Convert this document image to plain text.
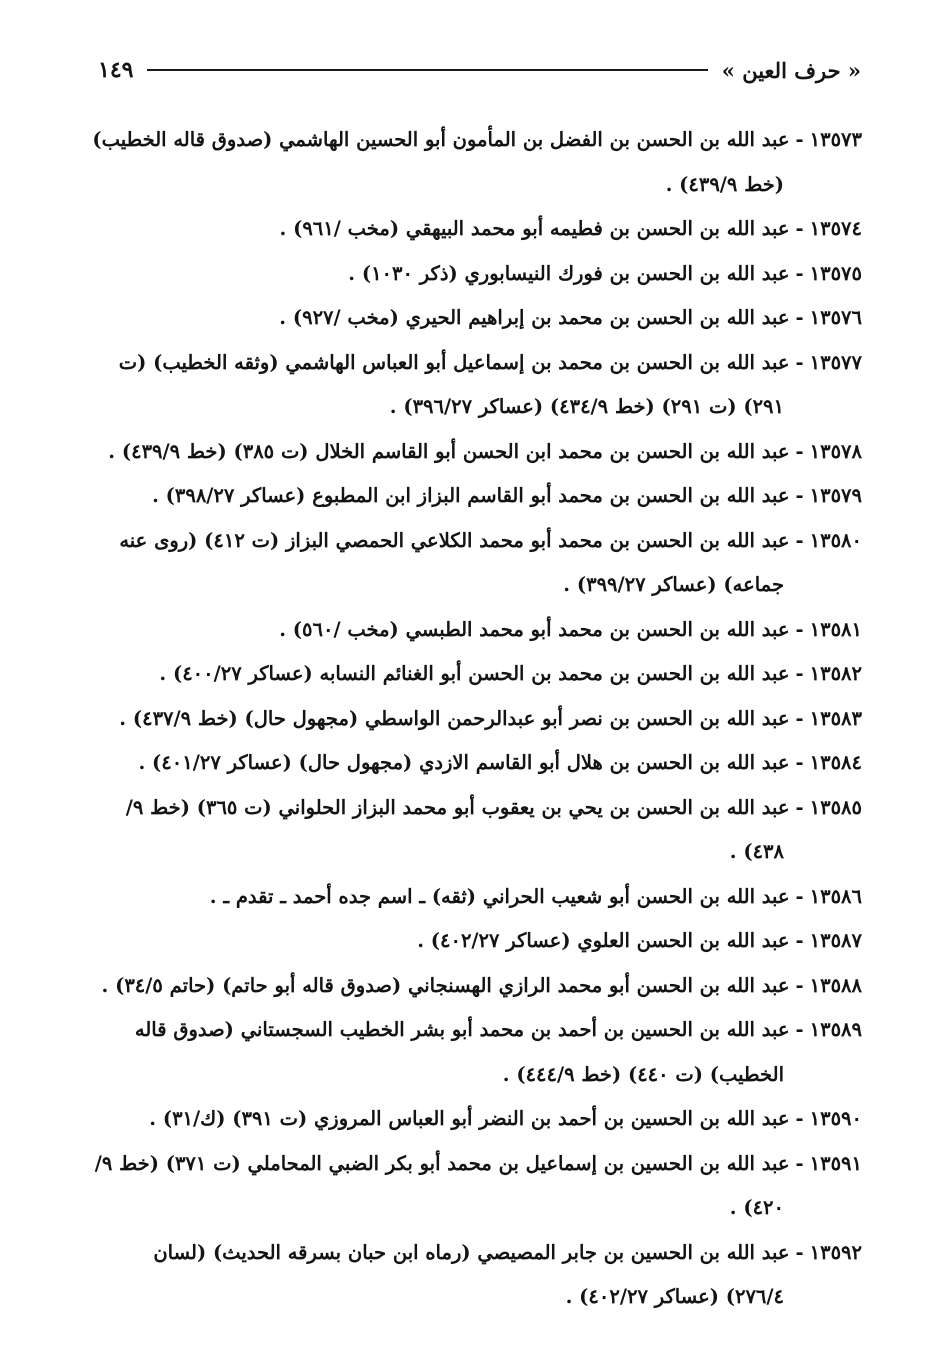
« حرف العين »
١٤٩

١٣٥٧٣-عبد الله بن الحسن بن الفضل بن المأمون أبو الحسين الهاشمي (صدوق قاله الخطيب) (خط ٤٣٩/٩) .

١٣٥٧٤-عبد الله بن الحسن بن فطيمه أبو محمد البيهقي (مخب /٩٦١) .

١٣٥٧٥-عبد الله بن الحسن بن فورك النيسابوري (ذكر ١٠٣٠) .

١٣٥٧٦-عبد الله بن الحسن بن محمد بن إبراهيم الحيري (مخب /٩٢٧) .

١٣٥٧٧-عبد الله بن الحسن بن محمد بن إسماعيل أبو العباس الهاشمي (وثقه الخطيب) (ت ٢٩١) (ت ٢٩١) (خط ٤٣٤/٩) (عساكر ٣٩٦/٢٧) .

١٣٥٧٨-عبد الله بن الحسن بن محمد ابن الحسن أبو القاسم الخلال (ت ٣٨٥) (خط ٤٣٩/٩) .

١٣٥٧٩-عبد الله بن الحسن بن محمد أبو القاسم البزاز ابن المطبوع (عساكر ٣٩٨/٢٧) .

١٣٥٨٠-عبد الله بن الحسن بن محمد أبو محمد الكلاعي الحمصي البزاز (ت ٤١٢) (روى عنه جماعه) (عساكر ٣٩٩/٢٧) .

١٣٥٨١-عبد الله بن الحسن بن محمد أبو محمد الطبسي (مخب /٥٦٠) .

١٣٥٨٢-عبد الله بن الحسن بن محمد بن الحسن أبو الغنائم النسابه (عساكر ٤٠٠/٢٧) .

١٣٥٨٣-عبد الله بن الحسن بن نصر أبو عبدالرحمن الواسطي (مجهول حال) (خط ٤٣٧/٩) .

١٣٥٨٤-عبد الله بن الحسن بن هلال أبو القاسم الازدي (مجهول حال) (عساكر ٤٠١/٢٧) .

١٣٥٨٥-عبد الله بن الحسن بن يحي بن يعقوب أبو محمد البزاز الحلواني (ت ٣٦٥) (خط ٩/ ٤٣٨) .

١٣٥٨٦-عبد الله بن الحسن أبو شعيب الحراني (ثقه) ـ اسم جده أحمد ـ تقدم ـ .

١٣٥٨٧-عبد الله بن الحسن العلوي (عساكر ٤٠٢/٢٧) .

١٣٥٨٨-عبد الله بن الحسن أبو محمد الرازي الهسنجاني (صدوق قاله أبو حاتم) (حاتم ٣٤/٥) .

١٣٥٨٩-عبد الله بن الحسين بن أحمد بن محمد أبو بشر الخطيب السجستاني (صدوق قاله الخطيب) (ت ٤٤٠) (خط ٤٤٤/٩) .

١٣٥٩٠-عبد الله بن الحسين بن أحمد بن النضر أبو العباس المروزي (ت ٣٩١) (ك/٣١) .

١٣٥٩١-عبد الله بن الحسين بن إسماعيل بن محمد أبو بكر الضبي المحاملي (ت ٣٧١) (خط ٩/ ٤٢٠) .

١٣٥٩٢-عبد الله بن الحسين بن جابر المصيصي (رماه ابن حبان بسرقه الحديث) (لسان ٢٧٦/٤) (عساكر ٤٠٢/٢٧) .
